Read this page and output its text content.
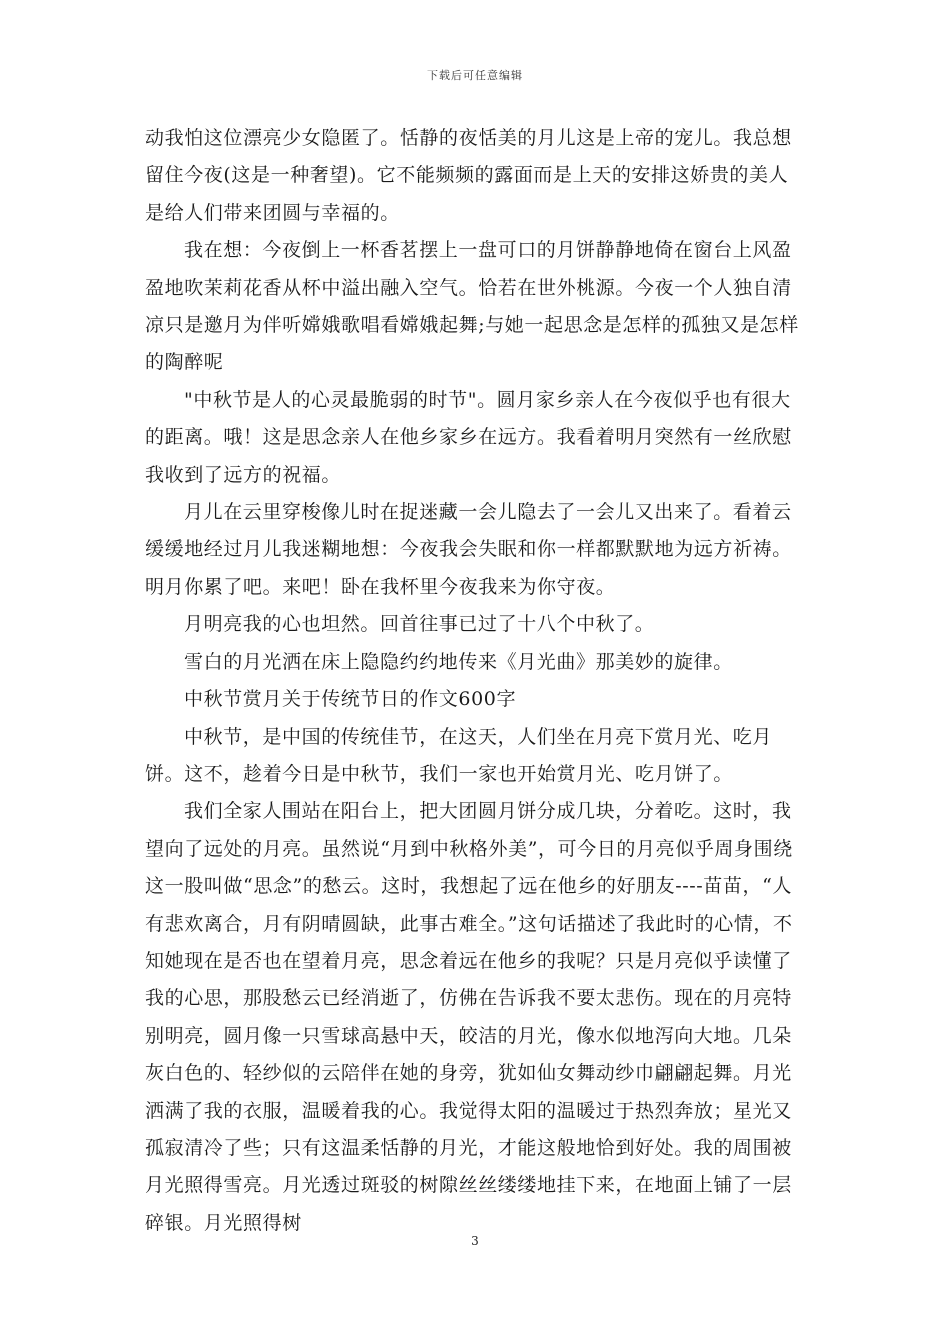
下载后可任意编辑

动我怕这位漂亮少女隐匿了。恬静的夜恬美的月儿这是上帝的宠儿。我总想留住今夜(这是一种奢望)。它不能频频的露面而是上天的安排这娇贵的美人是给人们带来团圆与幸福的。

我在想：今夜倒上一杯香茗摆上一盘可口的月饼静静地倚在窗台上风盈盈地吹茉莉花香从杯中溢出融入空气。恰若在世外桃源。今夜一个人独自清凉只是邀月为伴听嫦娥歌唱看嫦娥起舞;与她一起思念是怎样的孤独又是怎样的陶醉呢

"中秋节是人的心灵最脆弱的时节"。圆月家乡亲人在今夜似乎也有很大的距离。哦！这是思念亲人在他乡家乡在远方。我看着明月突然有一丝欣慰我收到了远方的祝福。

月儿在云里穿梭像儿时在捉迷藏一会儿隐去了一会儿又出来了。看着云缓缓地经过月儿我迷糊地想：今夜我会失眠和你一样都默默地为远方祈祷。明月你累了吧。来吧！卧在我杯里今夜我来为你守夜。

月明亮我的心也坦然。回首往事已过了十八个中秋了。

雪白的月光洒在床上隐隐约约地传来《月光曲》那美妙的旋律。

中秋节赏月关于传统节日的作文600字

中秋节，是中国的传统佳节，在这天，人们坐在月亮下赏月光、吃月饼。这不，趁着今日是中秋节，我们一家也开始赏月光、吃月饼了。

我们全家人围站在阳台上，把大团圆月饼分成几块，分着吃。这时，我望向了远处的月亮。虽然说“月到中秋格外美”，可今日的月亮似乎周身围绕这一股叫做“思念”的愁云。这时，我想起了远在他乡的好朋友----苗苗，“人有悲欢离合，月有阴晴圆缺，此事古难全。”这句话描述了我此时的心情，不知她现在是否也在望着月亮，思念着远在他乡的我呢？只是月亮似乎读懂了我的心思，那股愁云已经消逝了，仿佛在告诉我不要太悲伤。现在的月亮特别明亮，圆月像一只雪球高悬中天，皎洁的月光，像水似地泻向大地。几朵灰白色的、轻纱似的云陪伴在她的身旁，犹如仙女舞动纱巾翩翩起舞。月光洒满了我的衣服，温暖着我的心。我觉得太阳的温暖过于热烈奔放；星光又孤寂清冷了些；只有这温柔恬静的月光，才能这般地恰到好处。我的周围被月光照得雪亮。月光透过斑驳的树隙丝丝缕缕地挂下来，在地面上铺了一层碎银。月光照得树

3
